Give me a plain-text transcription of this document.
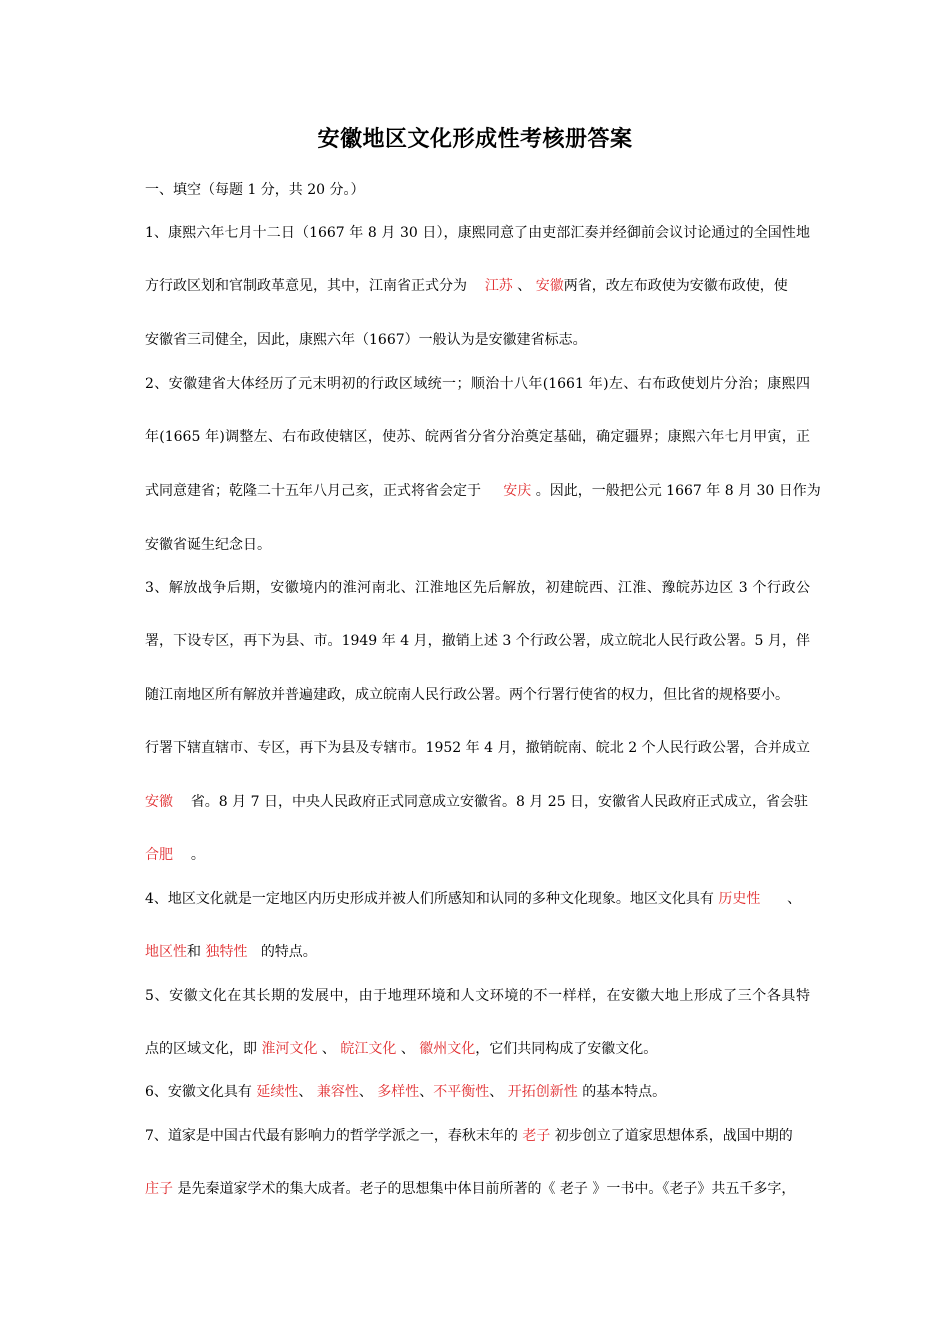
安徽地区文化形成性考核册答案
一、填空（每题 1 分，共 20 分。）
1、康熙六年七月十二日（1667 年 8 月 30 日），康熙同意了由吏部汇奏并经御前会议讨论通过的全国性地
方行政区划和官制政革意见，其中，江南省正式分为 江苏 、 安徽两省，改左布政使为安徽布政使，使
安徽省三司健全，因此，康熙六年（1667）一般认为是安徽建省标志。
2、安徽建省大体经历了元末明初的行政区域统一；顺治十八年(1661 年)左、右布政使划片分治；康熙四
年(1665 年)调整左、右布政使辖区，使苏、皖两省分省分治奠定基础，确定疆界；康熙六年七月甲寅，正
式同意建省；乾隆二十五年八月己亥，正式将省会定于 安庆 。因此，一般把公元 1667 年 8 月 30 日作为
安徽省诞生纪念日。
3、解放战争后期，安徽境内的淮河南北、江淮地区先后解放，初建皖西、江淮、豫皖苏边区 3 个行政公
署，下设专区，再下为县、市。1949 年 4 月，撤销上述 3 个行政公署，成立皖北人民行政公署。5 月，伴
随江南地区所有解放并普遍建政，成立皖南人民行政公署。两个行署行使省的权力，但比省的规格要小。
行署下辖直辖市、专区，再下为县及专辖市。1952 年 4 月，撤销皖南、皖北 2 个人民行政公署，合并成立
安徽 省。8 月 7 日，中央人民政府正式同意成立安徽省。8 月 25 日，安徽省人民政府正式成立，省会驻
合肥 。
4、地区文化就是一定地区内历史形成并被人们所感知和认同的多种文化现象。地区文化具有 历史性 、
地区性和 独特性 的特点。
5、安徽文化在其长期的发展中，由于地理环境和人文环境的不一样样，在安徽大地上形成了三个各具特
点的区域文化，即 淮河文化 、 皖江文化 、 徽州文化，它们共同构成了安徽文化。
6、安徽文化具有 延续性、 兼容性、 多样性、不平衡性、 开拓创新性 的基本特点。
7、道家是中国古代最有影响力的哲学学派之一，春秋末年的 老子 初步创立了道家思想体系，战国中期的
庄子 是先秦道家学术的集大成者。老子的思想集中体目前所著的《 老子 》一书中。《老子》共五千多字，
